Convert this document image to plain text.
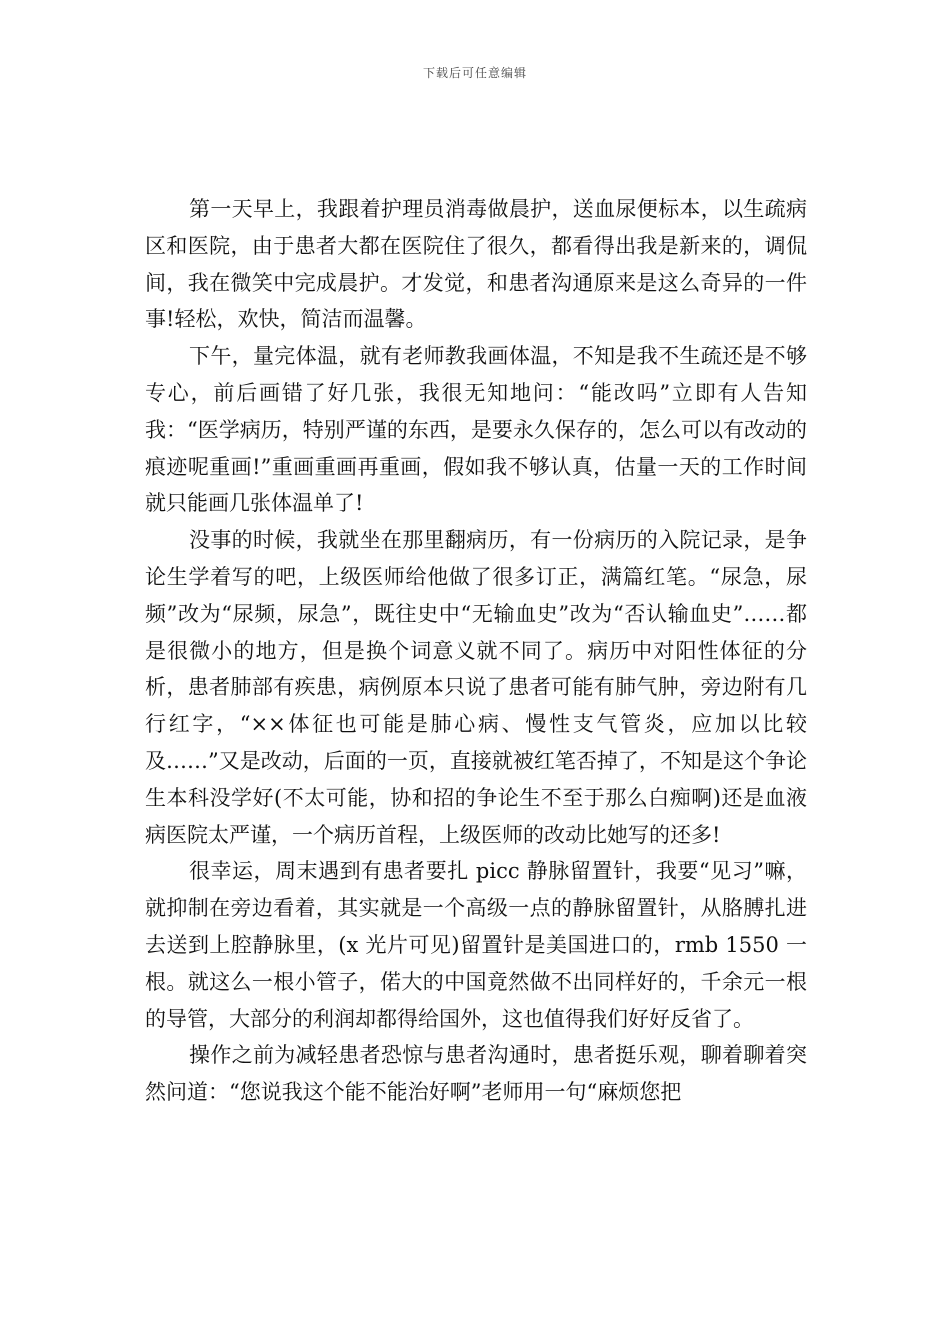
下载后可任意编辑

第一天早上，我跟着护理员消毒做晨护，送血尿便标本，以生疏病区和医院，由于患者大都在医院住了很久，都看得出我是新来的，调侃间，我在微笑中完成晨护。才发觉，和患者沟通原来是这么奇异的一件事!轻松，欢快，简洁而温馨。

下午，量完体温，就有老师教我画体温，不知是我不生疏还是不够专心，前后画错了好几张，我很无知地问：“能改吗”立即有人告知我：“医学病历，特别严谨的东西，是要永久保存的，怎么可以有改动的痕迹呢重画!”重画重画再重画，假如我不够认真，估量一天的工作时间就只能画几张体温单了!

没事的时候，我就坐在那里翻病历，有一份病历的入院记录，是争论生学着写的吧，上级医师给他做了很多订正，满篇红笔。“尿急，尿频”改为“尿频，尿急”，既往史中“无输血史”改为“否认输血史”……都是很微小的地方，但是换个词意义就不同了。病历中对阳性体征的分析，患者肺部有疾患，病例原本只说了患者可能有肺气肿，旁边附有几行红字，“××体征也可能是肺心病、慢性支气管炎，应加以比较及……”又是改动，后面的一页，直接就被红笔否掉了，不知是这个争论生本科没学好(不太可能，协和招的争论生不至于那么白痴啊)还是血液病医院太严谨，一个病历首程，上级医师的改动比她写的还多!

很幸运，周末遇到有患者要扎 picc 静脉留置针，我要“见习”嘛，就抑制在旁边看着，其实就是一个高级一点的静脉留置针，从胳膊扎进去送到上腔静脉里，(x 光片可见)留置针是美国进口的，rmb 1550 一根。就这么一根小管子，偌大的中国竟然做不出同样好的，千余元一根的导管，大部分的利润却都得给国外，这也值得我们好好反省了。

操作之前为减轻患者恐惊与患者沟通时，患者挺乐观，聊着聊着突然问道：“您说我这个能不能治好啊”老师用一句“麻烦您把
